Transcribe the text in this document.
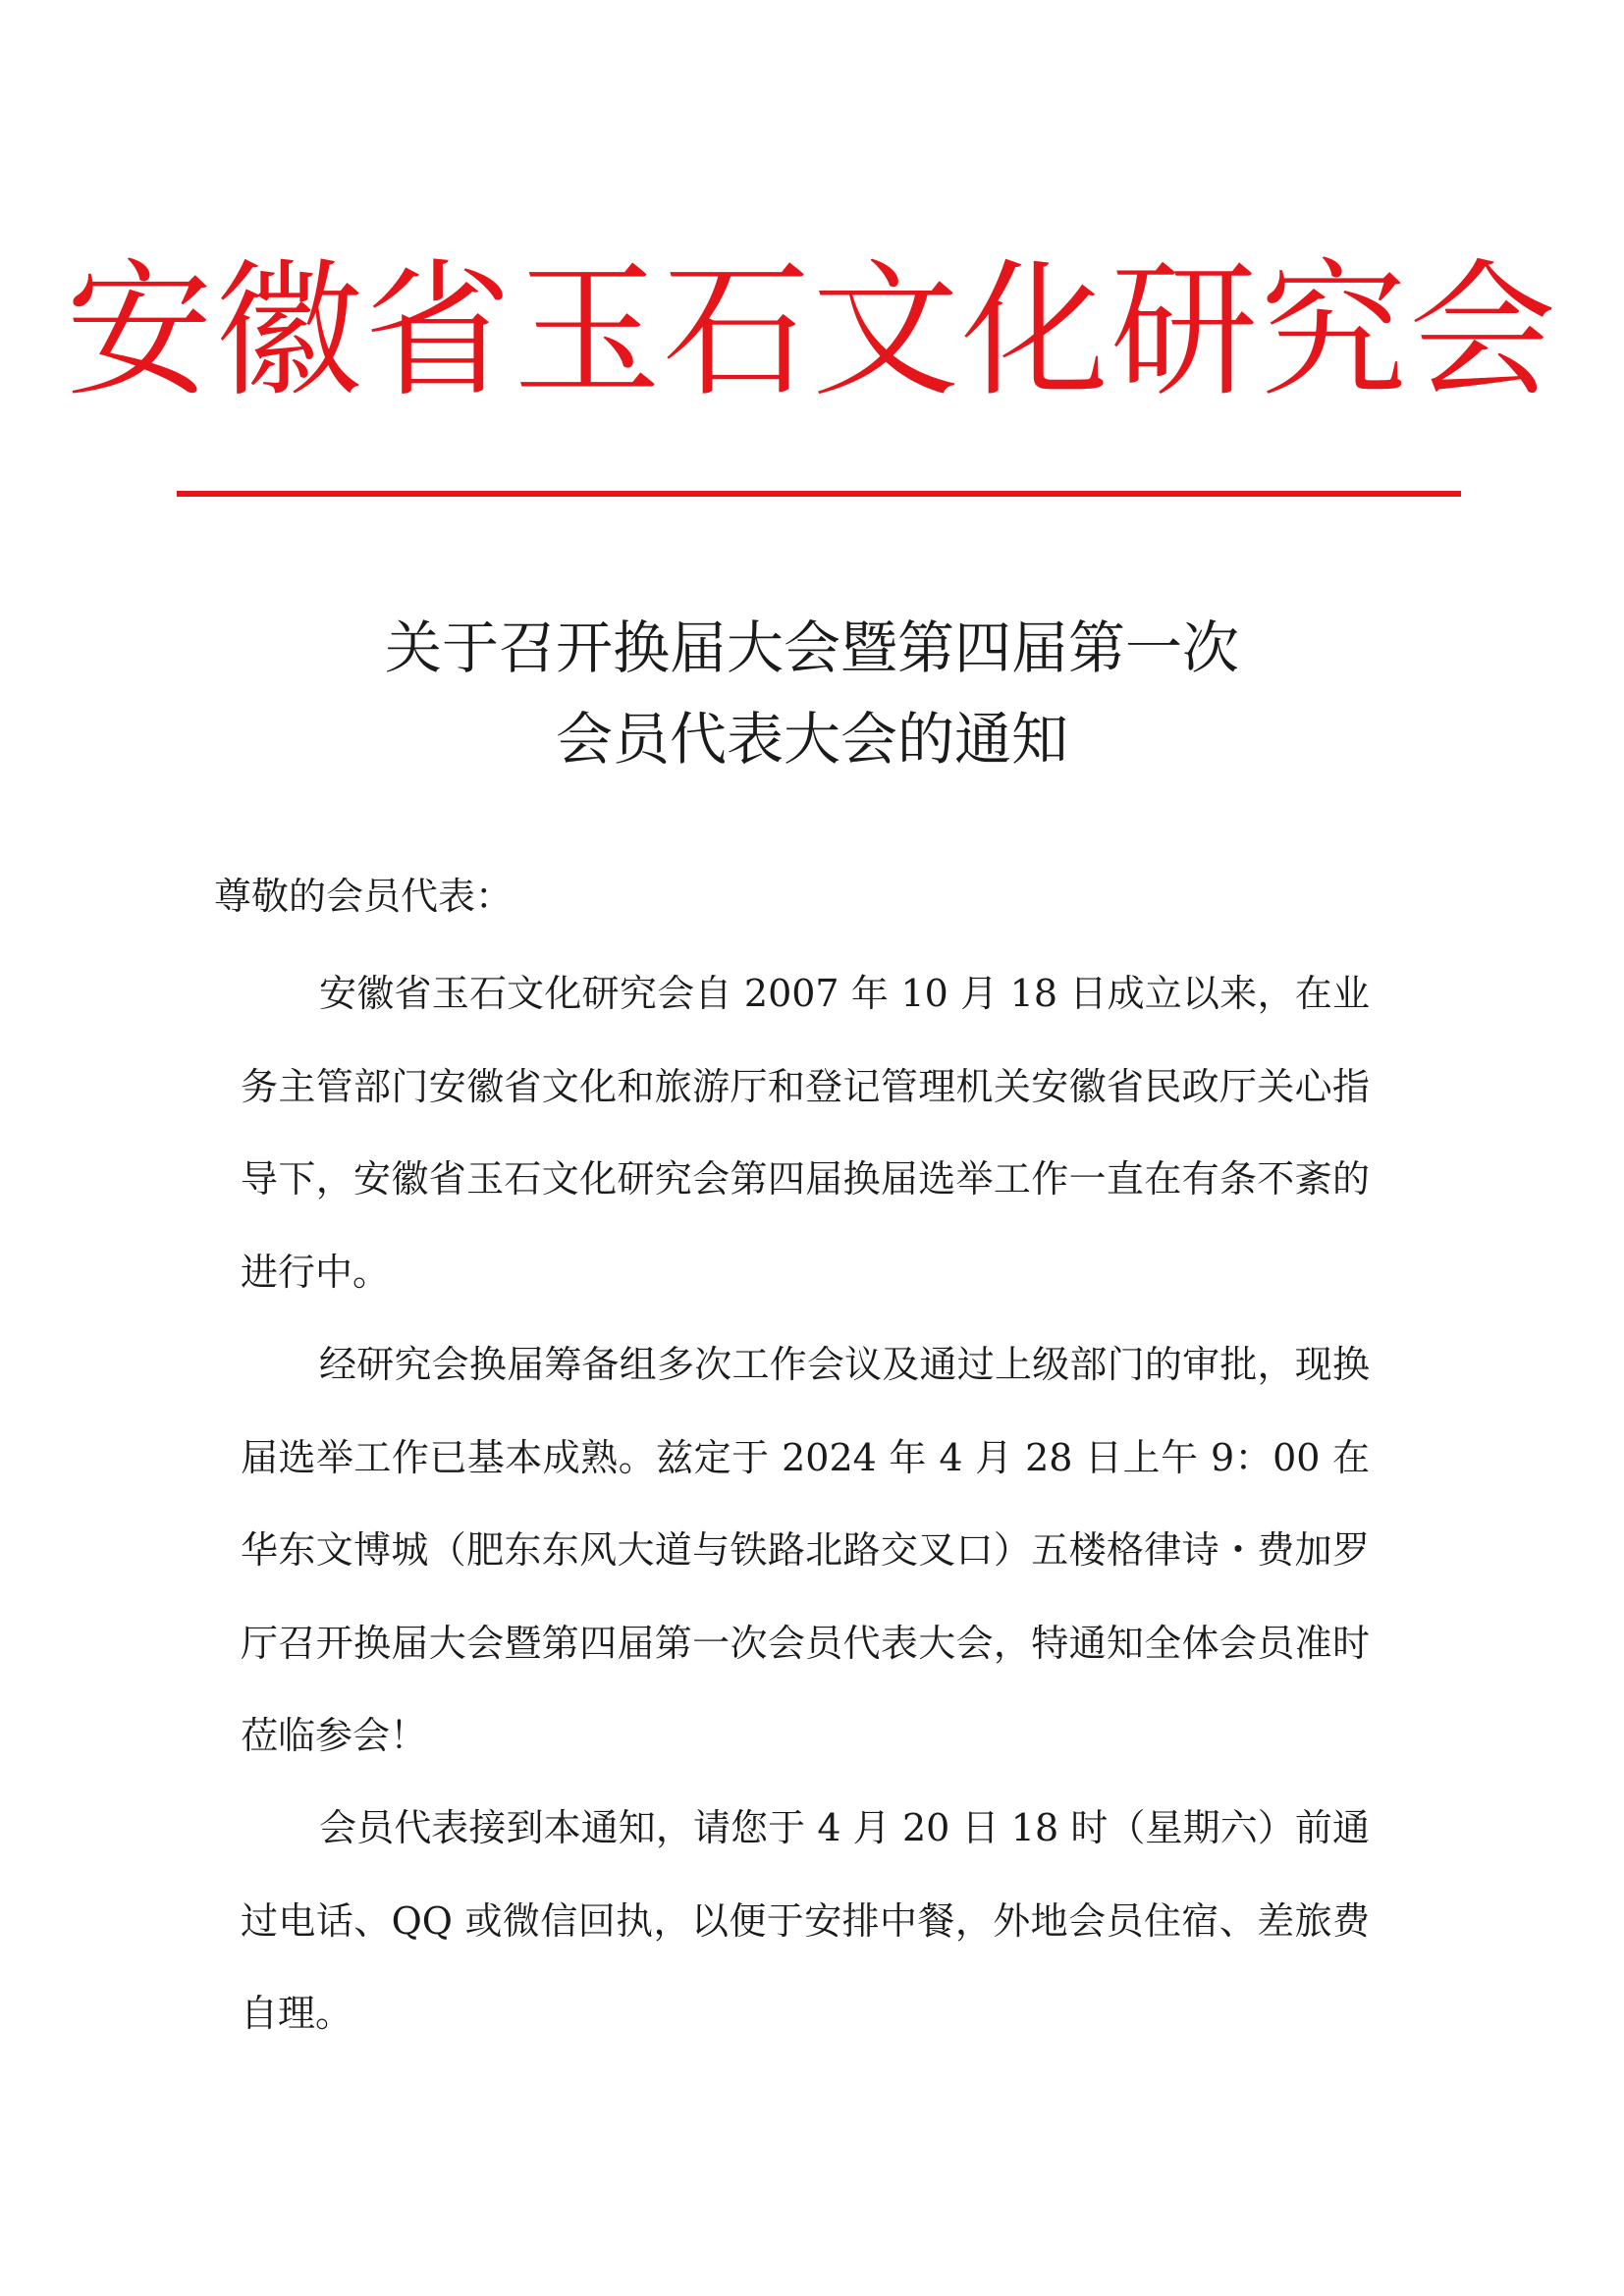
安徽省玉石文化研究会
关于召开换届大会暨第四届第一次
会员代表大会的通知
尊敬的会员代表：
安徽省玉石文化研究会自 2007 年 10 月 18 日成立以来，在业务主管部门安徽省文化和旅游厅和登记管理机关安徽省民政厅关心指导下，安徽省玉石文化研究会第四届换届选举工作一直在有条不紊的进行中。
经研究会换届筹备组多次工作会议及通过上级部门的审批，现换届选举工作已基本成熟。兹定于 2024 年 4 月 28 日上午 9：00 在华东文博城（肥东东风大道与铁路北路交叉口）五楼格律诗・费加罗厅召开换届大会暨第四届第一次会员代表大会，特通知全体会员准时莅临参会！
会员代表接到本通知，请您于 4 月 20 日 18 时（星期六）前通过电话、QQ 或微信回执，以便于安排中餐，外地会员住宿、差旅费自理。
